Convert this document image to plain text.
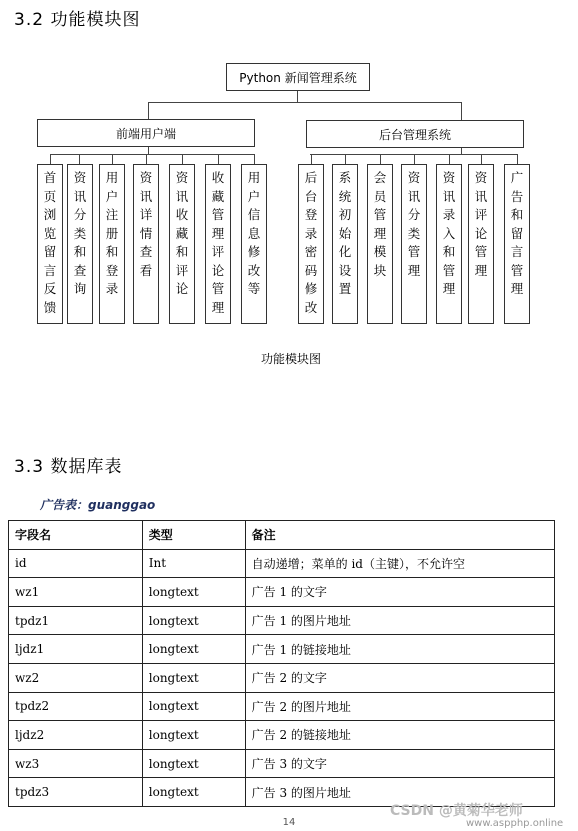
3.2 功能模块图
Python 新闻管理系统
前端用户端	后台管理系统
首页浏览留言反馈
资讯分类和查询
用户注册和登录
资讯详情查看
资讯收藏和评论
收藏管理评论管理
用户信息修改等
后台登录密码修改
系统初始化设置
会员管理模块
资讯分类管理
资讯录入和管理
资讯评论管理
广告和留言管理
功能模块图
3.3 数据库表
广告表：guanggao
字段名	类型	备注
id	Int	自动递增；菜单的 id（主键），不允许空
wz1	longtext	广告 1 的文字
tpdz1	longtext	广告 1 的图片地址
ljdz1	longtext	广告 1 的链接地址
wz2	longtext	广告 2 的文字
tpdz2	longtext	广告 2 的图片地址
ljdz2	longtext	广告 2 的链接地址
wz3	longtext	广告 3 的文字
tpdz3	longtext	广告 3 的图片地址
14
CSDN @黄菊华老师
www.aspphp.online
